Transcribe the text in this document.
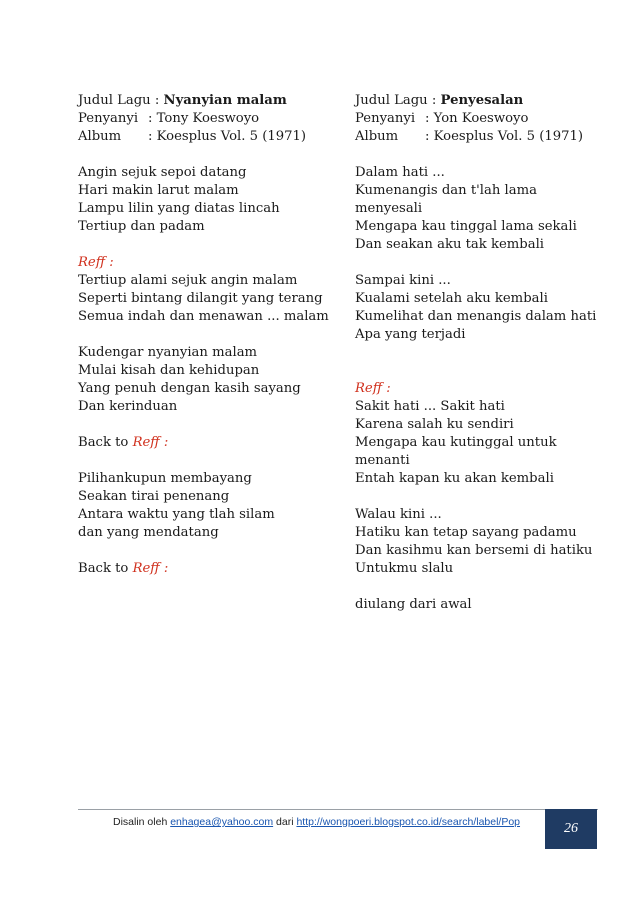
Judul Lagu : Nyanyian malam
Penyanyi : Tony Koeswoyo
Album	: Koesplus Vol. 5 (1971)
Angin sejuk sepoi datang
Hari makin larut malam
Lampu lilin yang diatas lincah
Tertiup dan padam
Reff :
Tertiup alami sejuk angin malam
Seperti bintang dilangit yang terang
Semua indah dan menawan ... malam
Kudengar nyanyian malam
Mulai kisah dan kehidupan
Yang penuh dengan kasih sayang
Dan kerinduan
Back to Reff :
Pilihankupun membayang
Seakan tirai penenang
Antara waktu yang tlah silam
dan yang mendatang
Back to Reff :
Judul Lagu : Penyesalan
Penyanyi : Yon Koeswoyo
Album	: Koesplus Vol. 5 (1971)
Dalam hati ...
Kumenangis dan t'lah lama
menyesali
Mengapa kau tinggal lama sekali
Dan seakan aku tak kembali
Sampai kini ...
Kualami setelah aku kembali
Kumelihat dan menangis dalam hati
Apa yang terjadi
Reff :
Sakit hati ... Sakit hati
Karena salah ku sendiri
Mengapa kau kutinggal untuk
menanti
Entah kapan ku akan kembali
Walau kini ...
Hatiku kan tetap sayang padamu
Dan kasihmu kan bersemi di hatiku
Untukmu slalu
diulang dari awal
Disalin oleh enhagea@yahoo.com dari http://wongpoeri.blogspot.co.id/search/label/Pop	26
